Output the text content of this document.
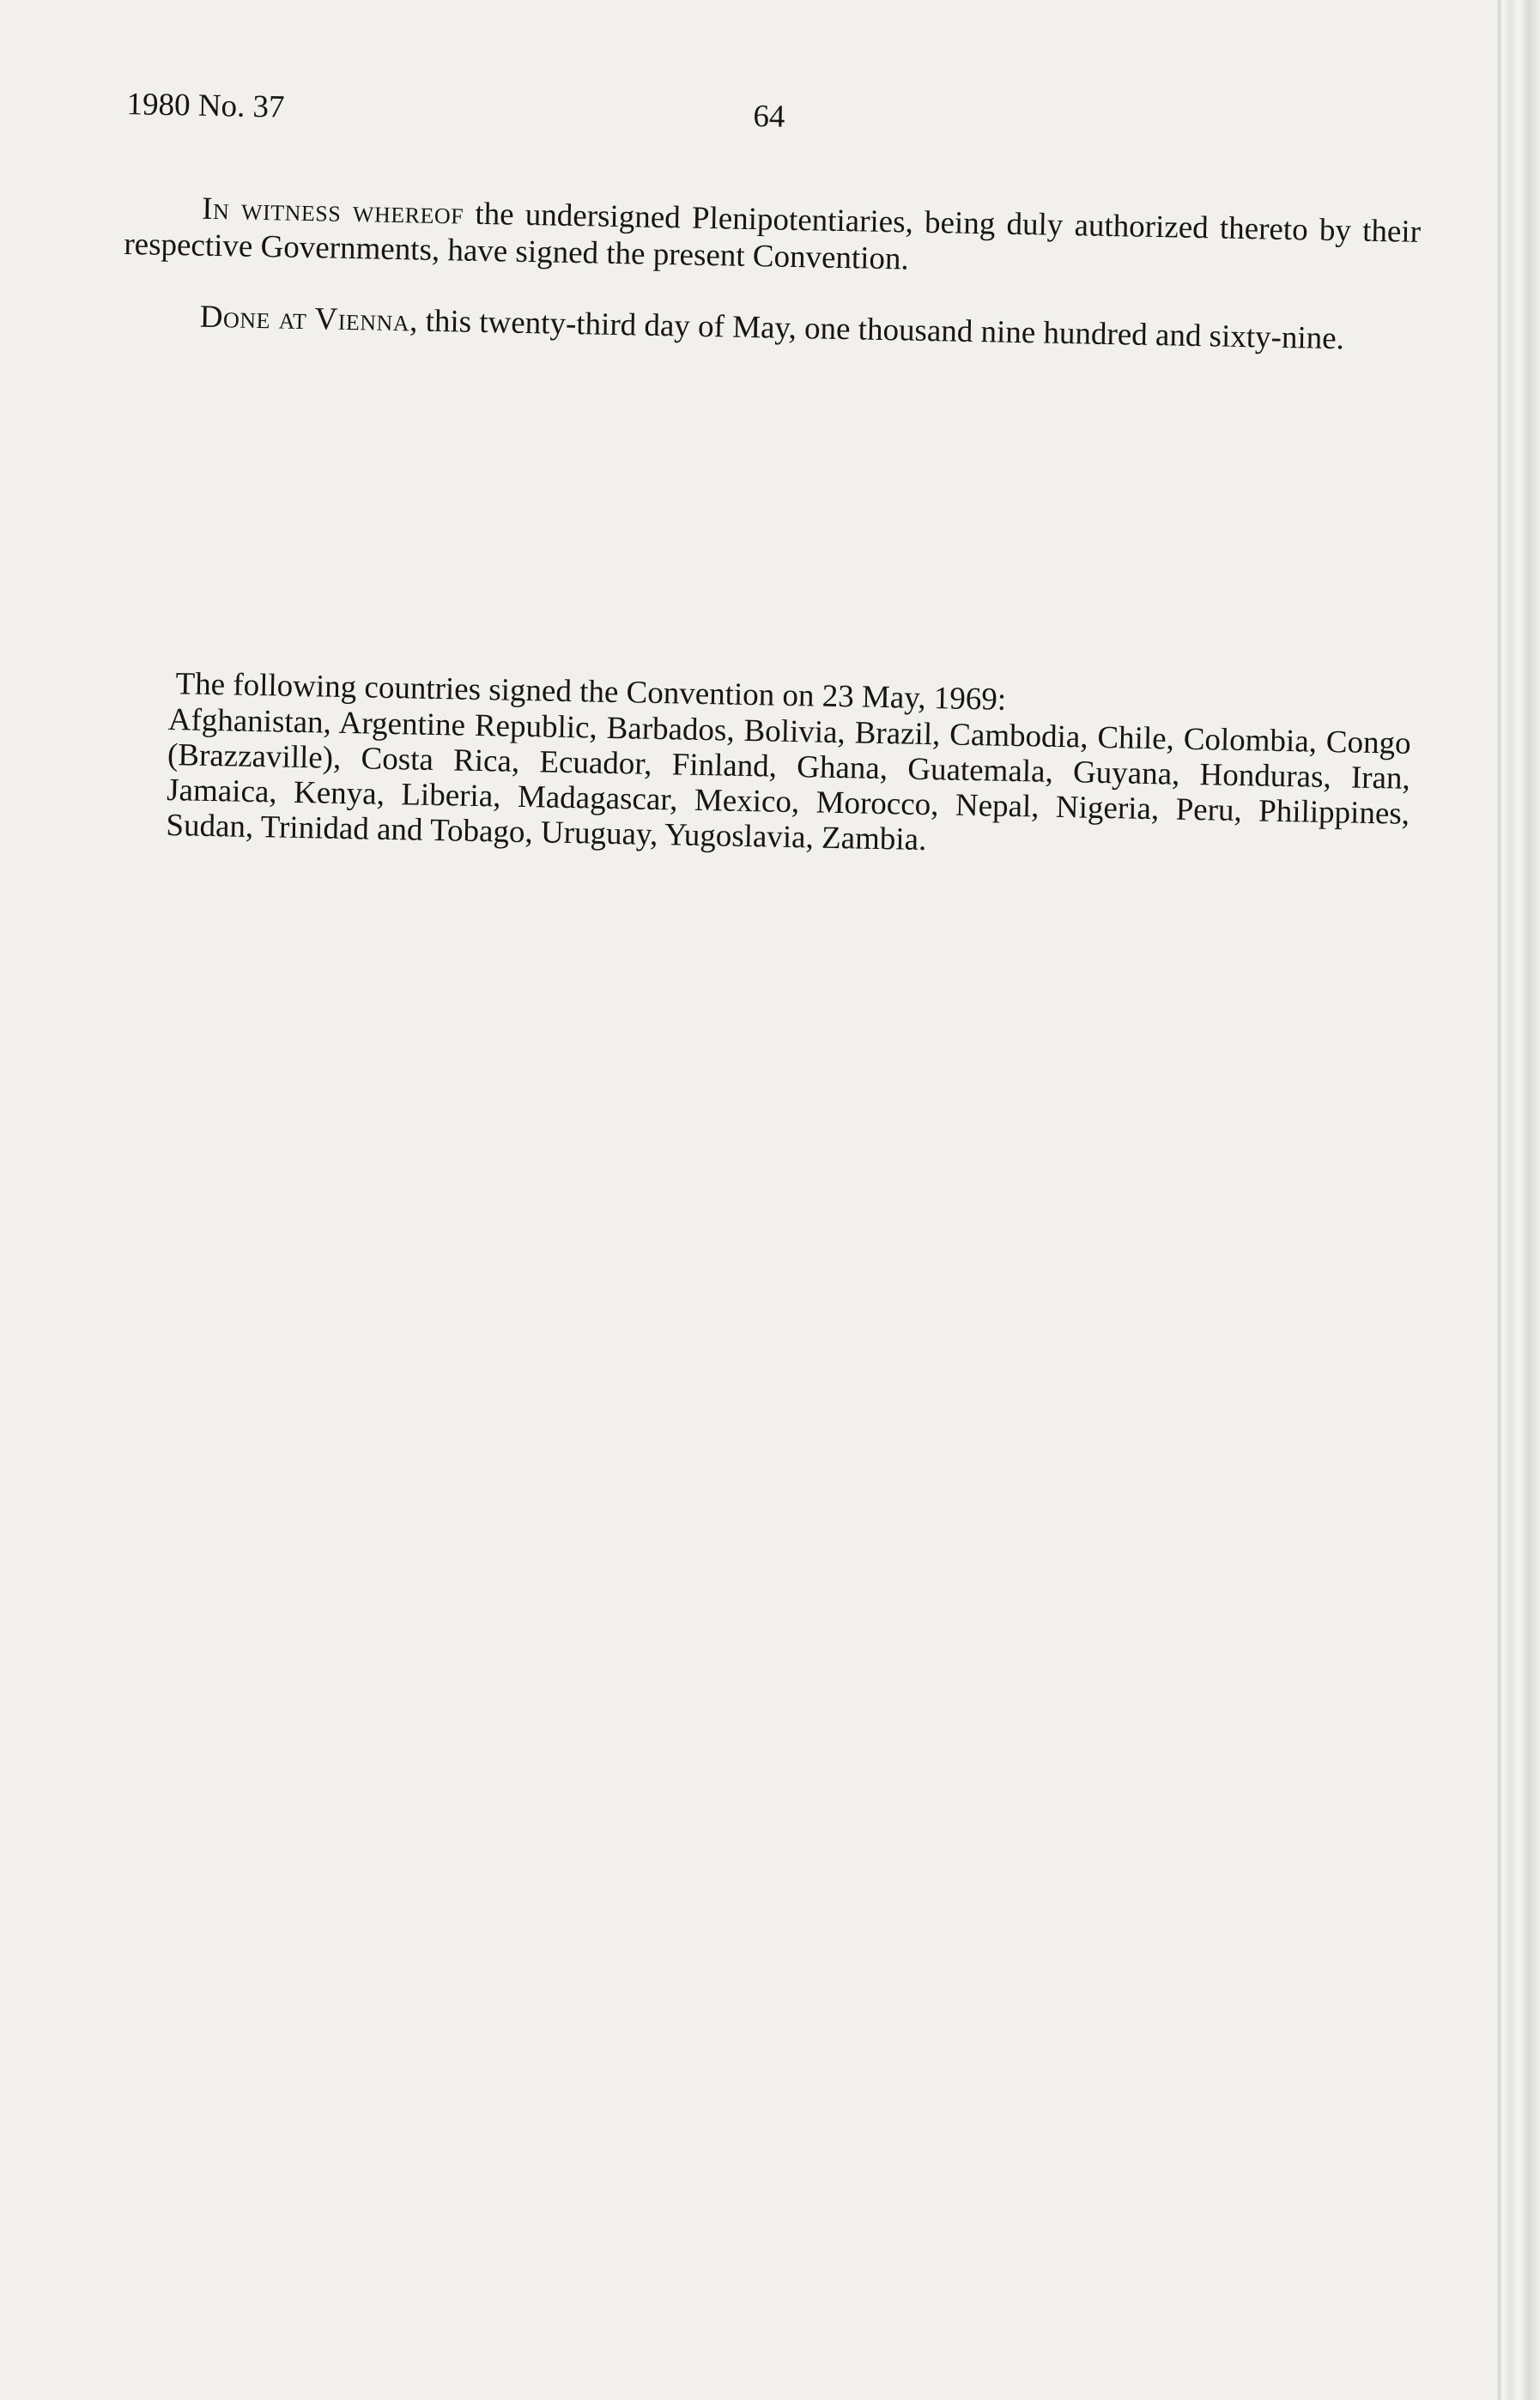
1980 No. 37	64

In witness whereof the undersigned Plenipotentiaries, being duly authorized thereto by their respective Governments, have signed the present Convention.

Done at Vienna, this twenty-third day of May, one thousand nine hundred and sixty-nine.

The following countries signed the Convention on 23 May, 1969:
Afghanistan, Argentine Republic, Barbados, Bolivia, Brazil, Cambodia, Chile, Colombia, Congo (Brazzaville), Costa Rica, Ecuador, Finland, Ghana, Guatemala, Guyana, Honduras, Iran, Jamaica, Kenya, Liberia, Madagascar, Mexico, Morocco, Nepal, Nigeria, Peru, Philippines, Sudan, Trinidad and Tobago, Uruguay, Yugoslavia, Zambia.
